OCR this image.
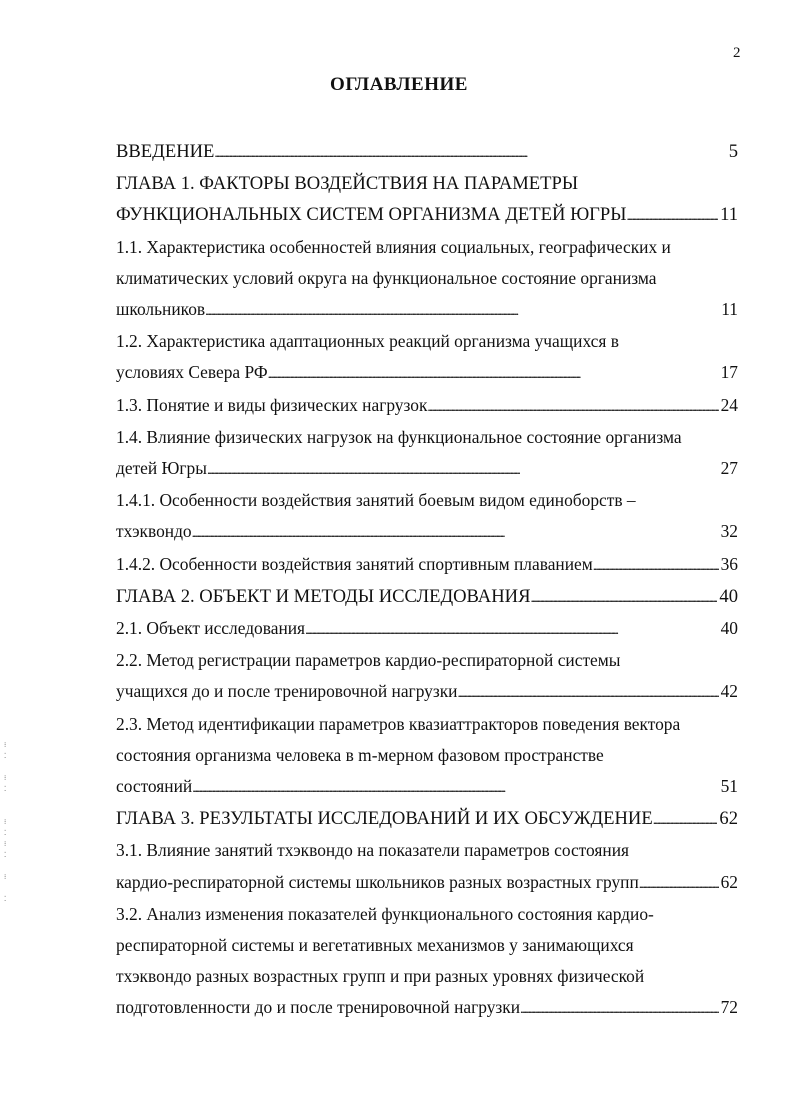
2
ОГЛАВЛЕНИЕ
ВВЕДЕНИЕ . . .	5
ГЛАВА 1. ФАКТОРЫ ВОЗДЕЙСТВИЯ НА ПАРАМЕТРЫ
ФУНКЦИОНАЛЬНЫХ СИСТЕМ ОРГАНИЗМА ДЕТЕЙ ЮГРЫ . . .	11
1.1. Характеристика особенностей влияния социальных, географических и
климатических условий округа на функциональное состояние организма
школьников . . .	11
1.2. Характеристика адаптационных реакций организма учащихся в
условиях Севера РФ . . .	17
1.3. Понятие и виды физических нагрузок . . .	24
1.4. Влияние физических нагрузок на функциональное состояние организма
детей Югры . . .	27
1.4.1. Особенности воздействия занятий боевым видом единоборств –
тхэквондо . . .	32
1.4.2. Особенности воздействия занятий спортивным плаванием . . .	36
ГЛАВА 2. ОБЪЕКТ И МЕТОДЫ ИССЛЕДОВАНИЯ . . .	40
2.1. Объект исследования . . .	40
2.2. Метод регистрации параметров кардио-респираторной системы
учащихся до и после тренировочной нагрузки . . .	42
2.3. Метод идентификации параметров квазиаттракторов поведения вектора
состояния организма человека в m-мерном фазовом пространстве
состояний . . .	51
ГЛАВА 3. РЕЗУЛЬТАТЫ ИССЛЕДОВАНИЙ И ИХ ОБСУЖДЕНИЕ . . .	62
3.1. Влияние занятий тхэквондо на показатели параметров состояния
кардио-респираторной системы школьников разных возрастных групп . . .	62
3.2. Анализ изменения показателей функционального состояния кардио-
респираторной системы и вегетативных механизмов у занимающихся
тхэквондо разных возрастных групп и при разных уровнях физической
подготовленности до и после тренировочной нагрузки . . .	72
⁝
⁚

⁝
⁚

⁝
⁚
⁝
⁚

⁝

⁚
